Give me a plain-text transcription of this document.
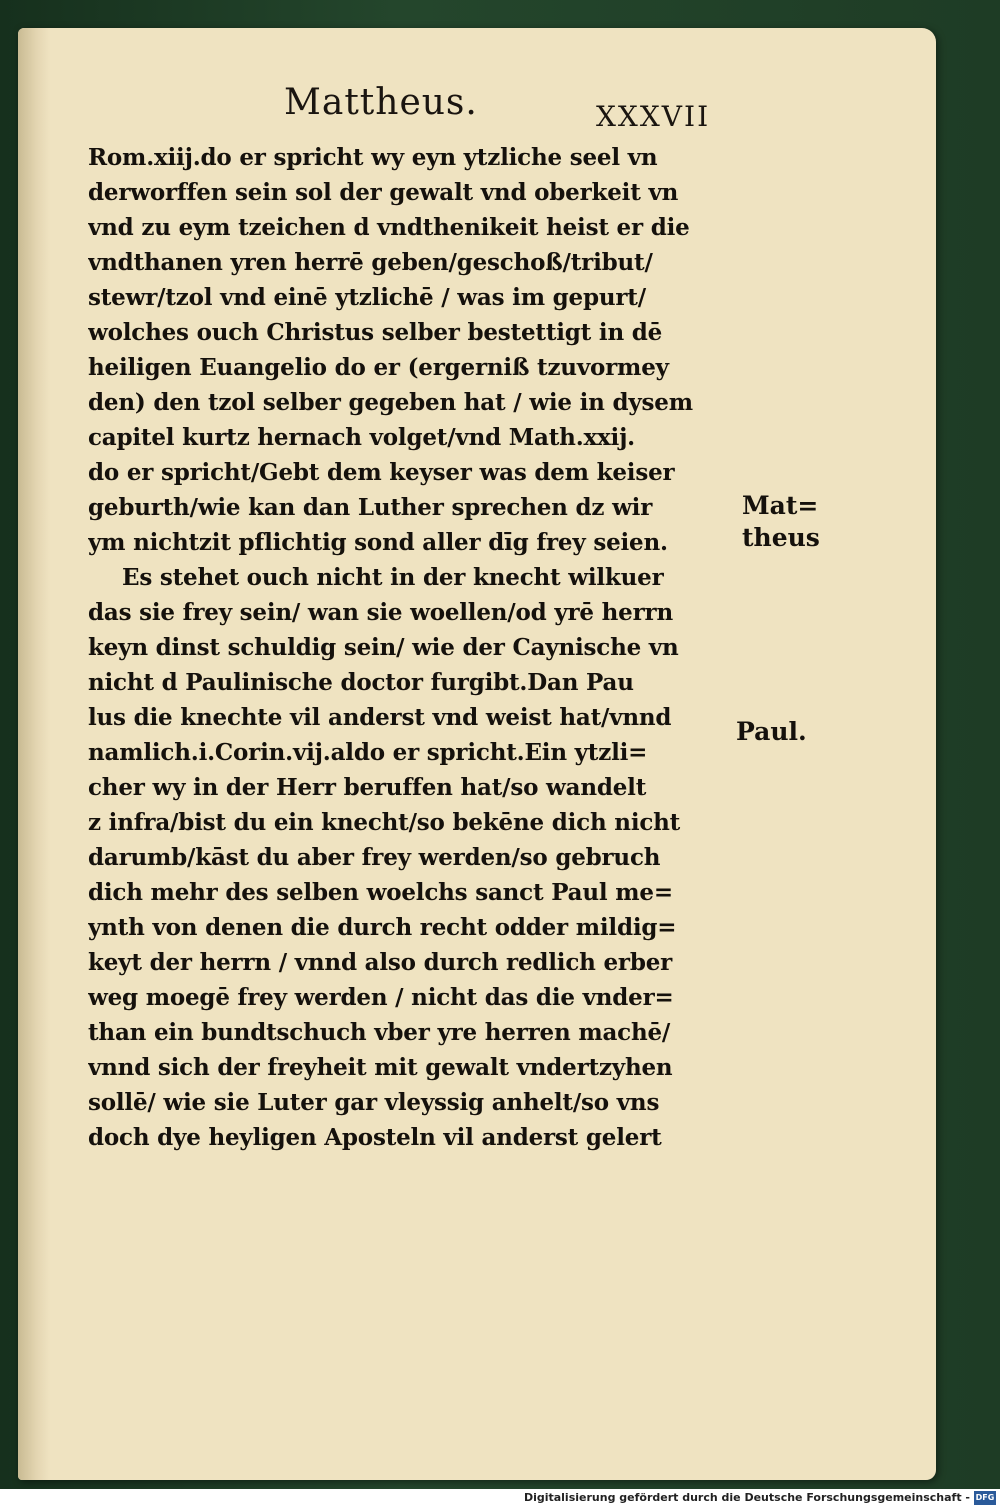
Mattheus.	XXXVII
Rom.xiij.do er spricht wy eyn ytzliche seel vn
derworffen sein sol der gewalt vnd oberkeit vn
vnd zu eym tzeichen d vndthenikeit heist er die
vndthanen yren herrē geben/geschoß/tribut/
stewr/tzol vnd einē ytzlichē / was im gepurt/
wolches ouch Christus selber bestettigt in dē
heiligen Euangelio do er (ergerniß tzuvormey
den) den tzol selber gegeben hat / wie in dysem
capitel kurtz hernach volget/vnd Math.xxij.
do er spricht/Gebt dem keyser was dem keiser
geburth/wie kan dan Luther sprechen dz wir
ym nichtzit pflichtig sond aller dīg frey seien.
Es stehet ouch nicht in der knecht wilkuer
das sie frey sein/ wan sie woellen/od yrē herrn
keyn dinst schuldig sein/ wie der Caynische vn
nicht d Paulinische doctor furgibt.Dan Pau
lus die knechte vil anderst vnd weist hat/vnnd
namlich.i.Corin.vij.aldo er spricht.Ein ytzli=
cher wy in der Herr beruffen hat/so wandelt
z infra/bist du ein knecht/so bekēne dich nicht
darumb/kāst du aber frey werden/so gebruch
dich mehr des selben woelchs sanct Paul me=
ynth von denen die durch recht odder mildig=
keyt der herrn / vnnd also durch redlich erber
weg moegē frey werden / nicht das die vnder=
than ein bundtschuch vber yre herren machē/
vnnd sich der freyheit mit gewalt vndertzyhen
sollē/ wie sie Luter gar vleyssig anhelt/so vns
doch dye heyligen Aposteln vil anderst gelert
Mat=
theus
Paul.
Digitalisierung gefördert durch die Deutsche Forschungsgemeinschaft - DFG
